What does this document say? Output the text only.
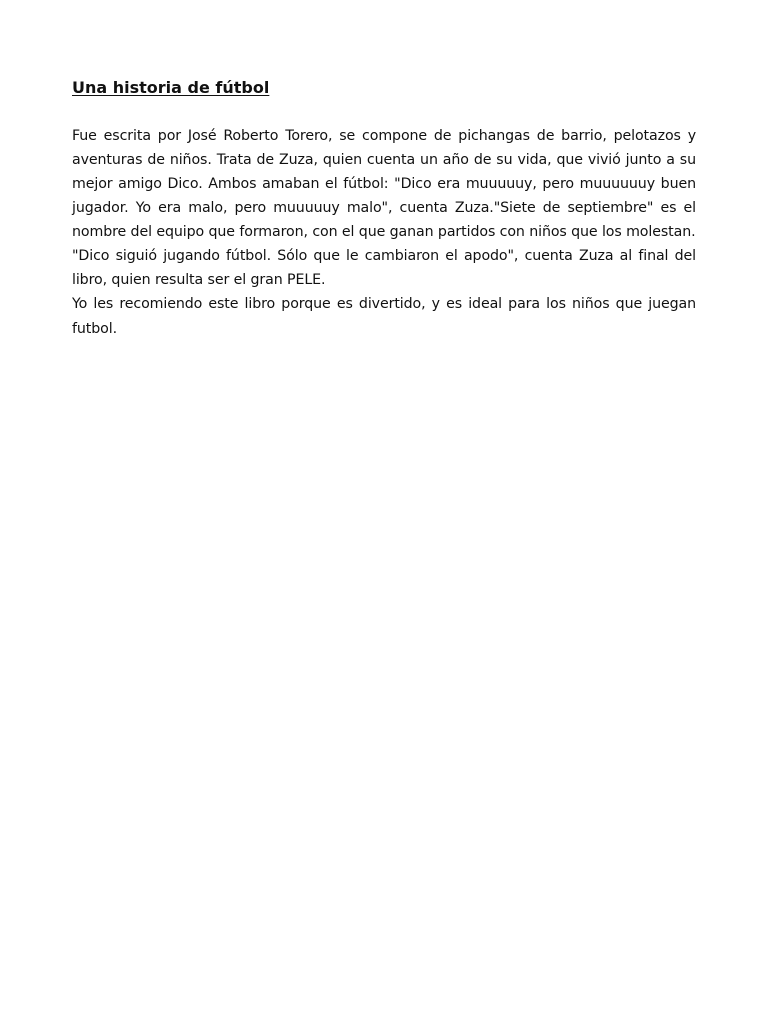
Una historia de fútbol

Fue escrita por José Roberto Torero, se compone de pichangas de barrio, pelotazos y aventuras de niños. Trata de Zuza, quien cuenta un año de su vida, que vivió junto a su mejor amigo Dico. Ambos amaban el fútbol: "Dico era muuuuuy, pero muuuuuuy buen jugador. Yo era malo, pero muuuuuy malo", cuenta Zuza."Siete de septiembre" es el nombre del equipo que formaron, con el que ganan partidos con niños que los molestan.

"Dico siguió jugando fútbol. Sólo que le cambiaron el apodo", cuenta Zuza al final del libro, quien resulta ser el gran PELE.

Yo les recomiendo este libro porque es divertido, y es ideal para los niños que juegan futbol.
